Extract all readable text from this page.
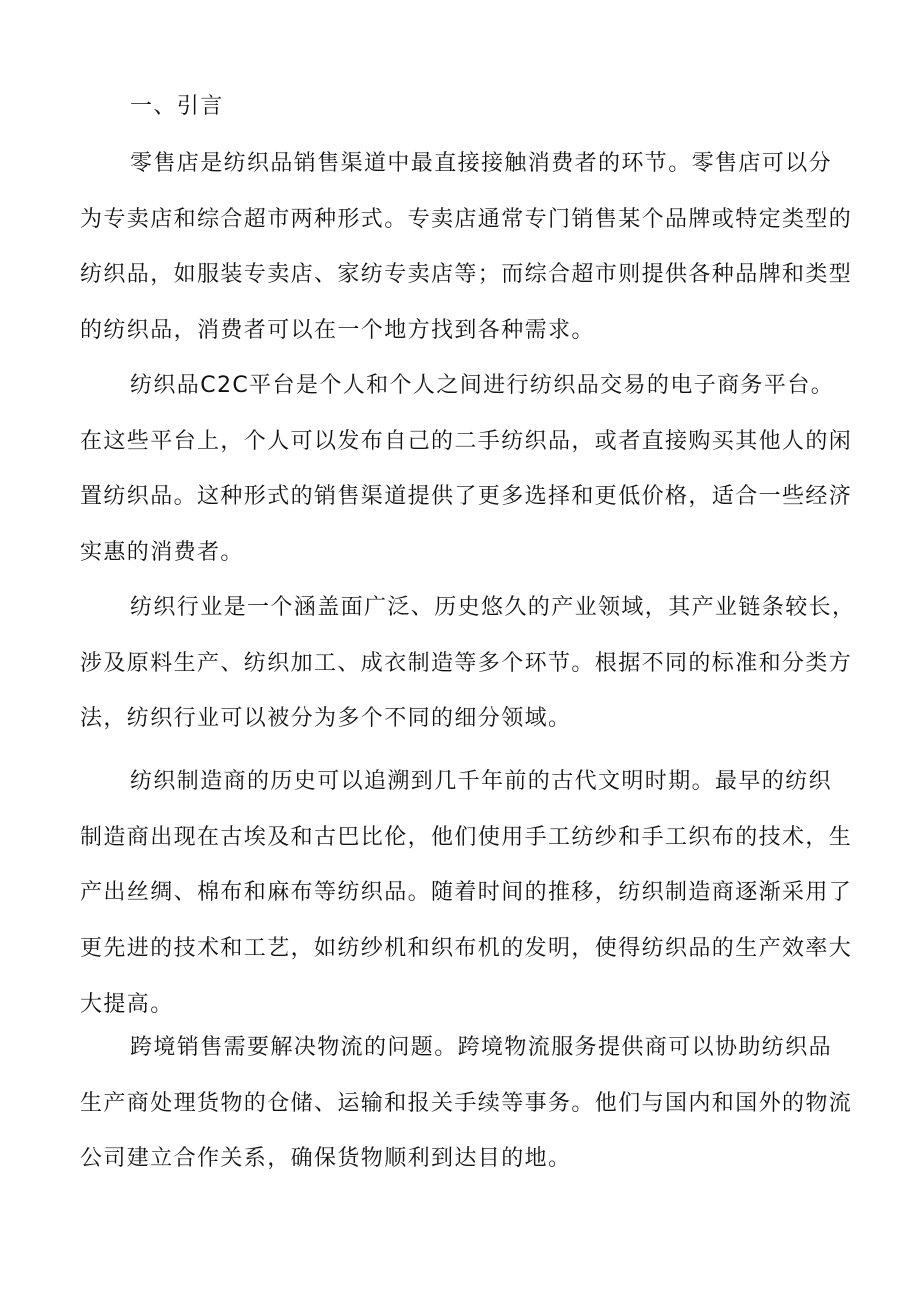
一、引言
零售店是纺织品销售渠道中最直接接触消费者的环节。零售店可以分
为专卖店和综合超市两种形式。专卖店通常专门销售某个品牌或特定类型的
纺织品，如服装专卖店、家纺专卖店等；而综合超市则提供各种品牌和类型
的纺织品，消费者可以在一个地方找到各种需求。
纺织品C2C平台是个人和个人之间进行纺织品交易的电子商务平台。
在这些平台上，个人可以发布自己的二手纺织品，或者直接购买其他人的闲
置纺织品。这种形式的销售渠道提供了更多选择和更低价格，适合一些经济
实惠的消费者。
纺织行业是一个涵盖面广泛、历史悠久的产业领域，其产业链条较长，
涉及原料生产、纺织加工、成衣制造等多个环节。根据不同的标准和分类方
法，纺织行业可以被分为多个不同的细分领域。
纺织制造商的历史可以追溯到几千年前的古代文明时期。最早的纺织
制造商出现在古埃及和古巴比伦，他们使用手工纺纱和手工织布的技术，生
产出丝绸、棉布和麻布等纺织品。随着时间的推移，纺织制造商逐渐采用了
更先进的技术和工艺，如纺纱机和织布机的发明，使得纺织品的生产效率大
大提高。
跨境销售需要解决物流的问题。跨境物流服务提供商可以协助纺织品
生产商处理货物的仓储、运输和报关手续等事务。他们与国内和国外的物流
公司建立合作关系，确保货物顺利到达目的地。
